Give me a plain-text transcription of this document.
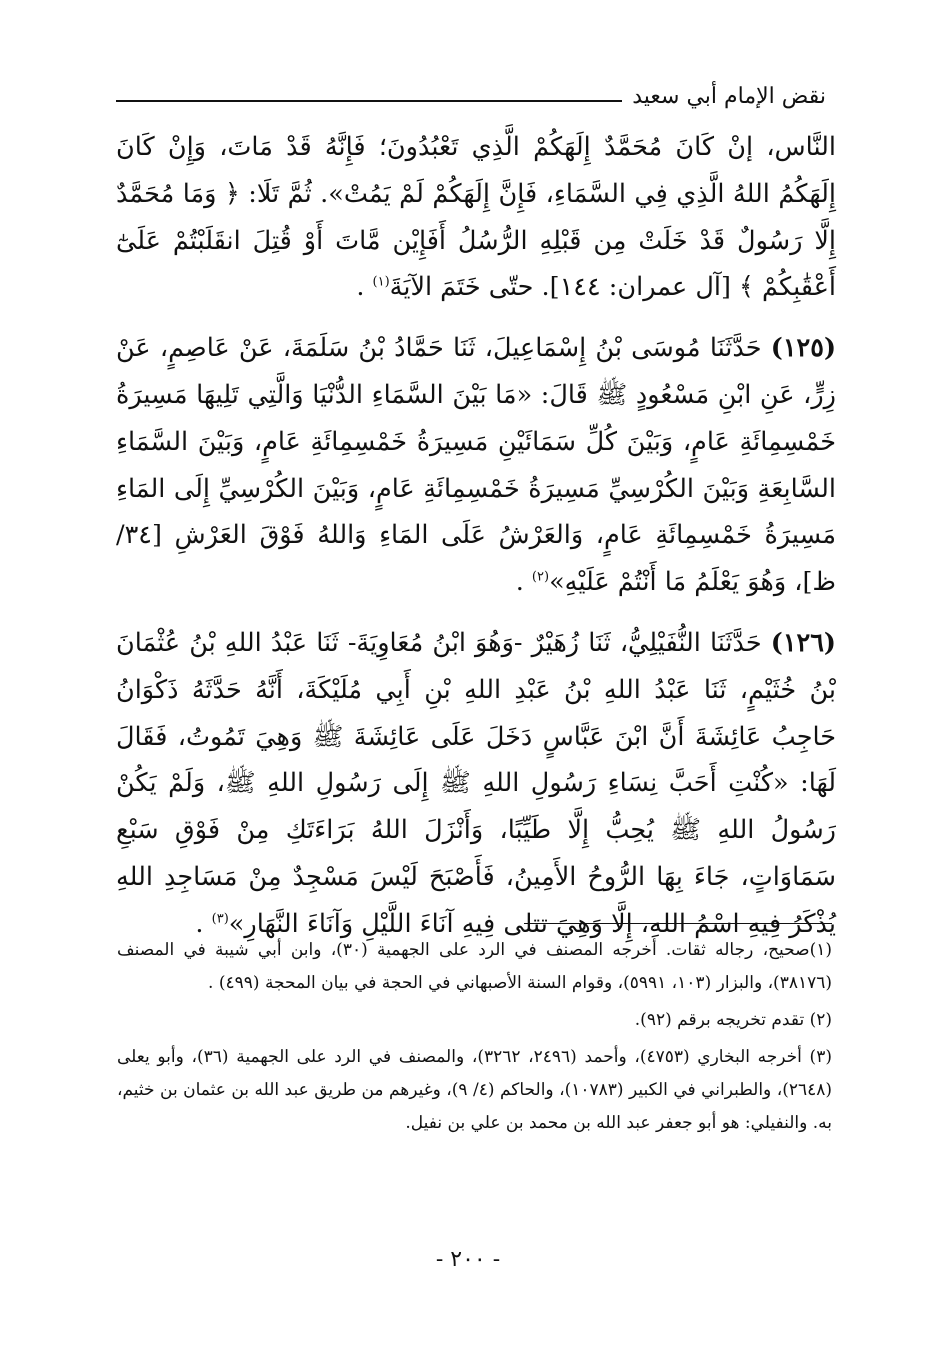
نقض الإمام أبي سعيد

النَّاس، إنْ كَانَ مُحَمَّدٌ إِلَهَكُمْ الَّذِي تَعْبُدُونَ؛ فَإِنَّهُ قَدْ مَاتَ، وَإِنْ كَانَ إِلَهَكُمُ اللهُ الَّذِي فِي السَّمَاءِ، فَإِنَّ إِلَهَكُمْ لَمْ يَمُتْ». ثُمَّ تَلَا: ﴿ وَمَا مُحَمَّدٌ إِلَّا رَسُولٌ قَدْ خَلَتْ مِن قَبْلِهِ الرُّسُلُ أَفَإِيْن مَّاتَ أَوْ قُتِلَ انقَلَبْتُمْ عَلَىٰٓ أَعْقَٰبِكُمْ ﴾ [آل عمران: ١٤٤]. حتّى خَتَمَ الآيَةَ$^{(١)}$ .

(١٢٥) حَدَّثَنَا مُوسَى بْنُ إِسْمَاعِيلَ، ثَنَا حَمَّادُ بْنُ سَلَمَةَ، عَنْ عَاصِمٍ، عَنْ زِرٍّ، عَنِ ابْنِ مَسْعُودٍ ﷺ قَالَ: «مَا بَيْنَ السَّمَاءِ الدُّنْيَا وَالَّتِي تَلِيهَا مَسِيرَةُ خَمْسِمِائَةِ عَامٍ، وَبَيْنَ كُلِّ سَمَائَيْنِ مَسِيرَةُ خَمْسِمِائَةِ عَامٍ، وَبَيْنَ السَّمَاءِ السَّابِعَةِ وَبَيْنَ الكُرْسِيِّ مَسِيرَةُ خَمْسِمِائَةِ عَامٍ، وَبَيْنَ الكُرْسِيِّ إِلَى المَاءِ مَسِيرَةُ خَمْسِمِائَةِ عَامٍ، وَالعَرْشُ عَلَى المَاءِ وَاللهُ فَوْقَ العَرْشِ [٣٤/ ظ]، وَهُوَ يَعْلَمُ مَا أَنْتُمْ عَلَيْهِ»$^{(٢)}$ .

(١٢٦) حَدَّثَنَا النُّفَيْلِيُّ، ثَنَا زُهَيْرٌ -وَهُوَ ابْنُ مُعَاوِيَةَ- ثَنَا عَبْدُ اللهِ بْنُ عُثْمَانَ بْنُ خُثَيْمٍ، ثَنَا عَبْدُ اللهِ بْنُ عَبْدِ اللهِ بْنِ أَبِي مُلَيْكَةَ، أَنَّهُ حَدَّثَهُ ذَكْوَانُ حَاجِبُ عَائِشَةَ أَنَّ ابْنَ عَبَّاسٍ دَخَلَ عَلَى عَائِشَةَ ﷺ وَهِيَ تَمُوتُ، فَقَالَ لَهَا: «كُنْتِ أَحَبَّ نِسَاءِ رَسُولِ اللهِ ﷺ إِلَى رَسُولِ اللهِ ﷺ، وَلَمْ يَكُنْ رَسُولُ اللهِ ﷺ يُحِبُّ إِلَّا طَيِّبًا، وَأَنْزَلَ اللهُ بَرَاءَتَكِ مِنْ فَوْقِ سَبْعِ سَمَاوَاتٍ، جَاءَ بِهَا الرُّوحُ الأَمِينُ، فَأَصْبَحَ لَيْسَ مَسْجِدٌ مِنْ مَسَاجِدِ اللهِ يُذْكَرُ فِيهِ اسْمُ اللهِ، إِلَّا وَهِيَ تتلى فِيهِ آنَاءَ اللَّيْلِ وَآنَاءَ النَّهَارِ»$^{(٣)}$ .

(١)صحيح، رجاله ثقات. أخرجه المصنف في الرد على الجهمية (٣٠)، وابن أبي شيبة في المصنف (٣٨١٧٦)، والبزار (١٠٣، ٥٩٩١)، وقوام السنة الأصبهاني في الحجة في بيان المحجة (٤٩٩) .

(٢) تقدم تخريجه برقم (٩٢).

(٣) أخرجه البخاري (٤٧٥٣)، وأحمد (٢٤٩٦، ٣٢٦٢)، والمصنف في الرد على الجهمية (٣٦)، وأبو يعلى (٢٦٤٨)، والطبراني في الكبير (١٠٧٨٣)، والحاكم (٤/ ٩)، وغيرهم من طريق عبد الله بن عثمان بن خثيم، به. والنفيلي: هو أبو جعفر عبد الله بن محمد بن علي بن نفيل.

- ٢٠٠ -
